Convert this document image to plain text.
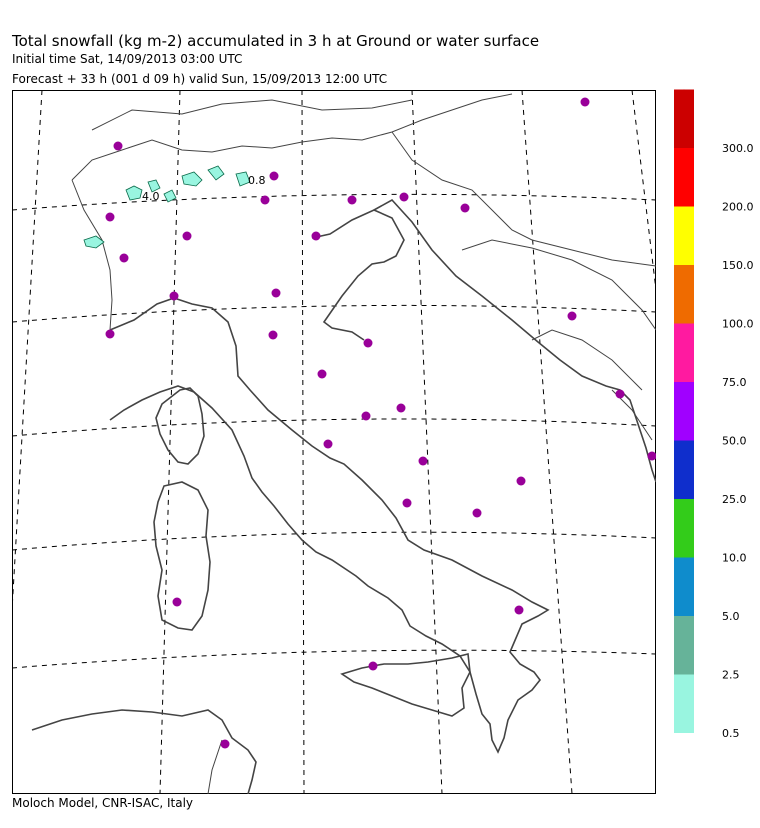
Total snowfall (kg m-2) accumulated in 3 h at Ground or water surface
Initial time Sat, 14/09/2013 03:00 UTC
Forecast + 33 h (001 d 09 h) valid Sun, 15/09/2013 12:00 UTC
4.0
0.8
0.5
2.5
5.0
10.0
25.0
50.0
75.0
100.0
150.0
200.0
300.0
Moloch Model, CNR-ISAC, Italy
